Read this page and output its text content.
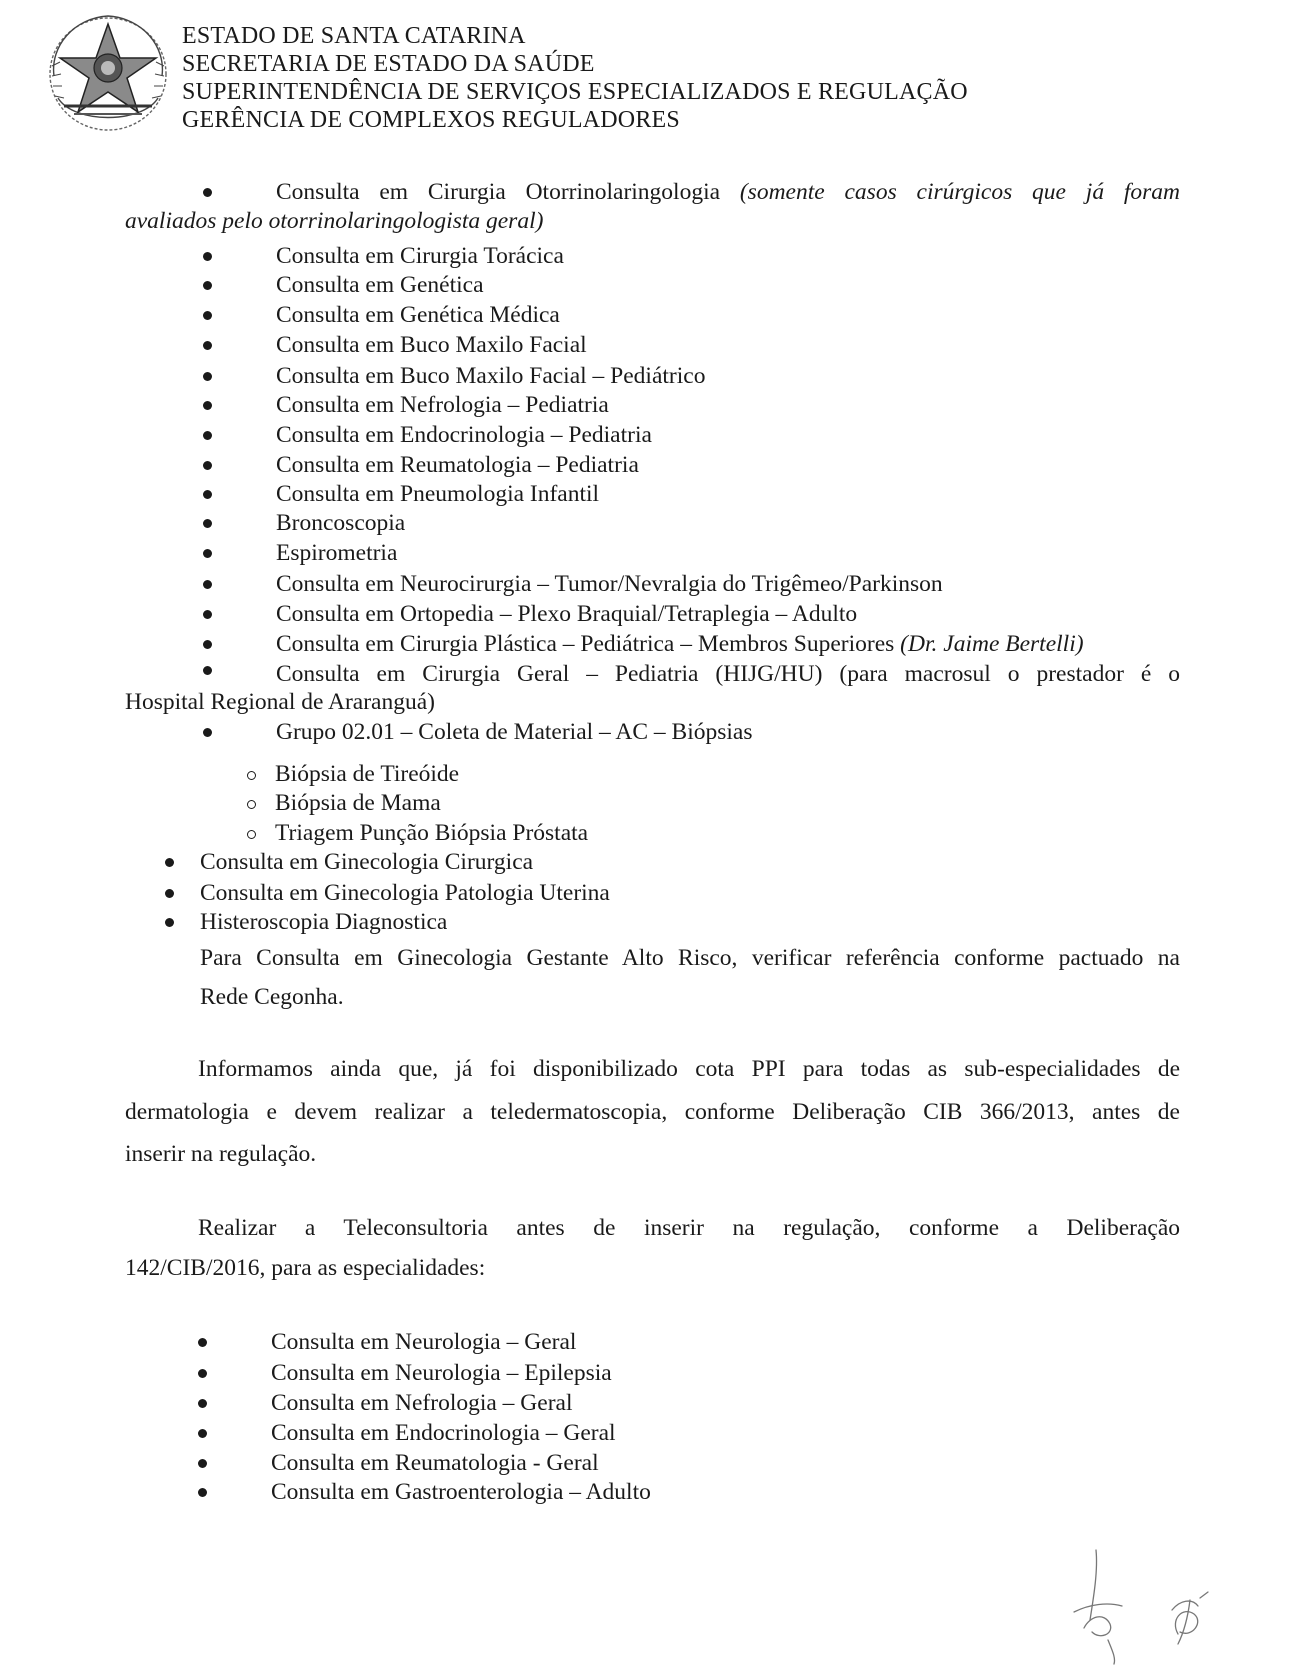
ESTADO DE SANTA CATARINA
SECRETARIA DE ESTADO DA SAÚDE
SUPERINTENDÊNCIA DE SERVIÇOS ESPECIALIZADOS E REGULAÇÃO
GERÊNCIA DE COMPLEXOS REGULADORES
Consulta em Cirurgia Otorrinolaringologia (somente casos cirúrgicos que já foram
avaliados pelo otorrinolaringologista geral)
Consulta em Cirurgia Torácica
Consulta em Genética
Consulta em Genética Médica
Consulta em Buco Maxilo Facial
Consulta em Buco Maxilo Facial – Pediátrico
Consulta em Nefrologia – Pediatria
Consulta em Endocrinologia – Pediatria
Consulta em Reumatologia – Pediatria
Consulta em Pneumologia Infantil
Broncoscopia
Espirometria
Consulta em Neurocirurgia – Tumor/Nevralgia do Trigêmeo/Parkinson
Consulta em Ortopedia – Plexo Braquial/Tetraplegia – Adulto
Consulta em Cirurgia Plástica – Pediátrica – Membros Superiores (Dr. Jaime Bertelli)
Consulta em Cirurgia Geral – Pediatria (HIJG/HU) (para macrosul o prestador é o
Hospital Regional de Araranguá)
Grupo 02.01 – Coleta de Material – AC – Biópsias
Biópsia de Tireóide
Biópsia de Mama
Triagem Punção Biópsia Próstata
Consulta em Ginecologia Cirurgica
Consulta em Ginecologia Patologia Uterina
Histeroscopia Diagnostica
Para Consulta em Ginecologia Gestante Alto Risco, verificar referência conforme pactuado na
Rede Cegonha.
Informamos ainda que, já foi disponibilizado cota PPI para todas as sub-especialidades de
dermatologia e devem realizar a teledermatoscopia, conforme Deliberação CIB 366/2013, antes de
inserir na regulação.
Realizar a Teleconsultoria antes de inserir na regulação, conforme a Deliberação
142/CIB/2016, para as especialidades:
Consulta em Neurologia – Geral
Consulta em Neurologia – Epilepsia
Consulta em Nefrologia – Geral
Consulta em Endocrinologia – Geral
Consulta em Reumatologia - Geral
Consulta em Gastroenterologia – Adulto
